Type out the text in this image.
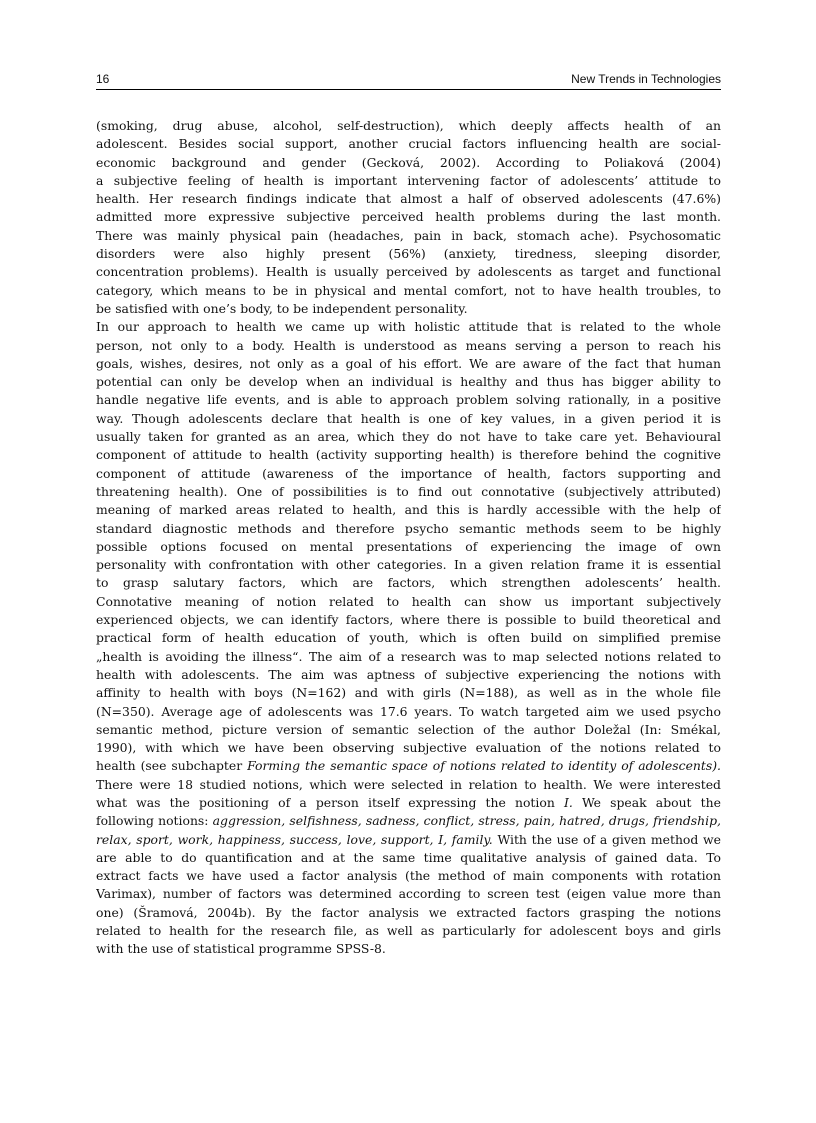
16	New Trends in Technologies
(smoking, drug abuse, alcohol, self-destruction), which deeply affects health of an
adolescent. Besides social support, another crucial factors influencing health are social-
economic background and gender (Gecková, 2002). According to Poliaková (2004)
a subjective feeling of health is important intervening factor of adolescents’ attitude to
health. Her research findings indicate that almost a half of observed adolescents (47.6%)
admitted more expressive subjective perceived health problems during the last month.
There was mainly physical pain (headaches, pain in back, stomach ache). Psychosomatic
disorders were also highly present (56%) (anxiety, tiredness, sleeping disorder,
concentration problems). Health is usually perceived by adolescents as target and functional
category, which means to be in physical and mental comfort, not to have health troubles, to
be satisfied with one’s body, to be independent personality.
In our approach to health we came up with holistic attitude that is related to the whole
person, not only to a body. Health is understood as means serving a person to reach his
goals, wishes, desires, not only as a goal of his effort. We are aware of the fact that human
potential can only be develop when an individual is healthy and thus has bigger ability to
handle negative life events, and is able to approach problem solving rationally, in a positive
way. Though adolescents declare that health is one of key values, in a given period it is
usually taken for granted as an area, which they do not have to take care yet. Behavioural
component of attitude to health (activity supporting health) is therefore behind the cognitive
component of attitude (awareness of the importance of health, factors supporting and
threatening health). One of possibilities is to find out connotative (subjectively attributed)
meaning of marked areas related to health, and this is hardly accessible with the help of
standard diagnostic methods and therefore psycho semantic methods seem to be highly
possible options focused on mental presentations of experiencing the image of own
personality with confrontation with other categories. In a given relation frame it is essential
to grasp salutary factors, which are factors, which strengthen adolescents’ health.
Connotative meaning of notion related to health can show us important subjectively
experienced objects, we can identify factors, where there is possible to build theoretical and
practical form of health education of youth, which is often build on simplified premise
„health is avoiding the illness“. The aim of a research was to map selected notions related to
health with adolescents. The aim was aptness of subjective experiencing the notions with
affinity to health with boys (N=162) and with girls (N=188), as well as in the whole file
(N=350). Average age of adolescents was 17.6 years. To watch targeted aim we used psycho
semantic method, picture version of semantic selection of the author Doležal (In: Smékal,
1990), with which we have been observing subjective evaluation of the notions related to
health (see subchapter Forming the semantic space of notions related to identity of adolescents).
There were 18 studied notions, which were selected in relation to health. We were interested
what was the positioning of a person itself expressing the notion I. We speak about the
following notions: aggression, selfishness, sadness, conflict, stress, pain, hatred, drugs, friendship,
relax, sport, work, happiness, success, love, support, I, family. With the use of a given method we
are able to do quantification and at the same time qualitative analysis of gained data. To
extract facts we have used a factor analysis (the method of main components with rotation
Varimax), number of factors was determined according to screen test (eigen value more than
one) (Šramová, 2004b). By the factor analysis we extracted factors grasping the notions
related to health for the research file, as well as particularly for adolescent boys and girls
with the use of statistical programme SPSS-8.
